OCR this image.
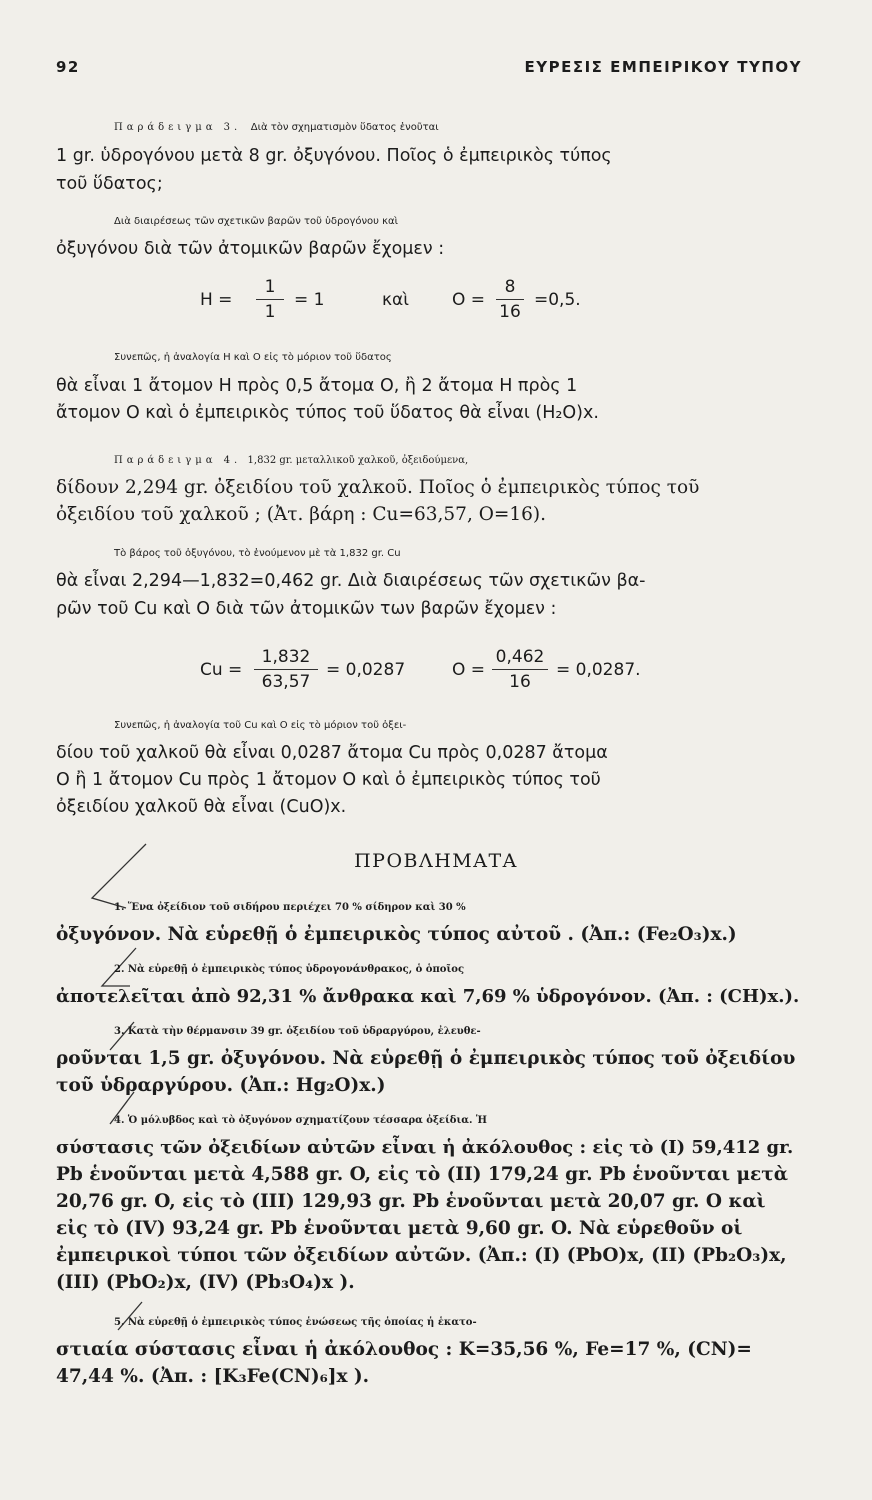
92	ΕΥΡΕΣΙΣ ΕΜΠΕΙΡΙΚΟΥ ΤΥΠΟΥ

Παράδειγμα 3. Διὰ τὸν σχηματισμὸν ὕδατος ἑνοῦται

1 gr. ὑδρογόνου μετὰ 8 gr. ὀξυγόνου. Ποῖος ὁ ἐμπειρικὸς τύπος

τοῦ ὕδατος;

Διὰ διαιρέσεως τῶν σχετικῶν βαρῶν τοῦ ὑδρογόνου καὶ

ὀξυγόνου διὰ τῶν ἀτομικῶν βαρῶν ἔχομεν :

H =
1
1
= 1	καὶ	O =
8
16
=0,5.

Συνεπῶς, ἡ ἀναλογία H καὶ O εἰς τὸ μόριον τοῦ ὕδατος

θὰ εἶναι 1 ἄτομον H πρὸς 0,5 ἄτομα O, ἢ 2 ἄτομα H πρὸς 1

ἄτομον O καὶ ὁ ἐμπειρικὸς τύπος τοῦ ὕδατος θὰ εἶναι (H₂O)x.

Παράδειγμα 4. 1,832 gr. μεταλλικοῦ χαλκοῦ, ὀξειδούμενα,

δίδουν 2,294 gr. ὀξειδίου τοῦ χαλκοῦ. Ποῖος ὁ ἐμπειρικὸς τύπος τοῦ

ὀξειδίου τοῦ χαλκοῦ ; (Ἀτ. βάρη : Cu=63,57, O=16).

Τὸ βάρος τοῦ ὀξυγόνου, τὸ ἑνούμενον μὲ τὰ 1,832 gr. Cu

θὰ εἶναι 2,294—1,832=0,462 gr. Διὰ διαιρέσεως τῶν σχετικῶν βα-

ρῶν τοῦ Cu καὶ O διὰ τῶν ἀτομικῶν των βαρῶν ἔχομεν :

Cu =
1,832
63,57
= 0,0287	O =
0,462
16
= 0,0287.

Συνεπῶς, ἡ ἀναλογία τοῦ Cu καὶ O εἰς τὸ μόριον τοῦ ὀξει-

δίου τοῦ χαλκοῦ θὰ εἶναι 0,0287 ἄτομα Cu πρὸς 0,0287 ἄτομα

O ἢ 1 ἄτομον Cu πρὸς 1 ἄτομον O καὶ ὁ ἐμπειρικὸς τύπος τοῦ

ὀξειδίου χαλκοῦ θὰ εἶναι (CuO)x.

ΠΡΟΒΛΗΜΑΤΑ

1. Ἕνα ὀξείδιον τοῦ σιδήρου περιέχει 70 % σίδηρον καὶ 30 %

ὀξυγόνον. Νὰ εὑρεθῇ ὁ ἐμπειρικὸς τύπος αὐτοῦ . (Ἀπ.: (Fe₂O₃)x.)

2. Νὰ εὑρεθῇ ὁ ἐμπειρικὸς τύπος ὑδρογονάνθρακος, ὁ ὁποῖος

ἀποτελεῖται ἀπὸ 92,31 % ἄνθρακα καὶ 7,69 % ὑδρογόνον. (Ἀπ. : (CH)x.).

3. Κατὰ τὴν θέρμανσιν 39 gr. ὀξειδίου τοῦ ὑδραργύρου, ἐλευθε-

ροῦνται 1,5 gr. ὀξυγόνου. Νὰ εὑρεθῇ ὁ ἐμπειρικὸς τύπος τοῦ ὀξειδίου

τοῦ ὑδραργύρου. (Ἀπ.: Hg₂O)x.)

4. Ὁ μόλυβδος καὶ τὸ ὀξυγόνον σχηματίζουν τέσσαρα ὀξείδια. Ἡ

σύστασις τῶν ὀξειδίων αὐτῶν εἶναι ἡ ἀκόλουθος : εἰς τὸ (I) 59,412 gr.

Pb ἑνοῦνται μετὰ 4,588 gr. O, εἰς τὸ (II) 179,24 gr. Pb ἑνοῦνται μετὰ

20,76 gr. O, εἰς τὸ (III) 129,93 gr. Pb ἑνοῦνται μετὰ 20,07 gr. O καὶ

εἰς τὸ (IV) 93,24 gr. Pb ἑνοῦνται μετὰ 9,60 gr. O. Νὰ εὑρεθοῦν οἱ

ἐμπειρικοὶ τύποι τῶν ὀξειδίων αὐτῶν. (Ἀπ.: (I) (PbO)x, (II) (Pb₂O₃)x,

(III) (PbO₂)x, (IV) (Pb₃O₄)x ).

5. Νὰ εὑρεθῇ ὁ ἐμπειρικὸς τύπος ἑνώσεως τῆς ὁποίας ἡ ἑκατο-

στιαία σύστασις εἶναι ἡ ἀκόλουθος : K=35,56 %, Fe=17 %, (CN)=

47,44 %. (Ἀπ. : [K₃Fe(CN)₆]x ).
